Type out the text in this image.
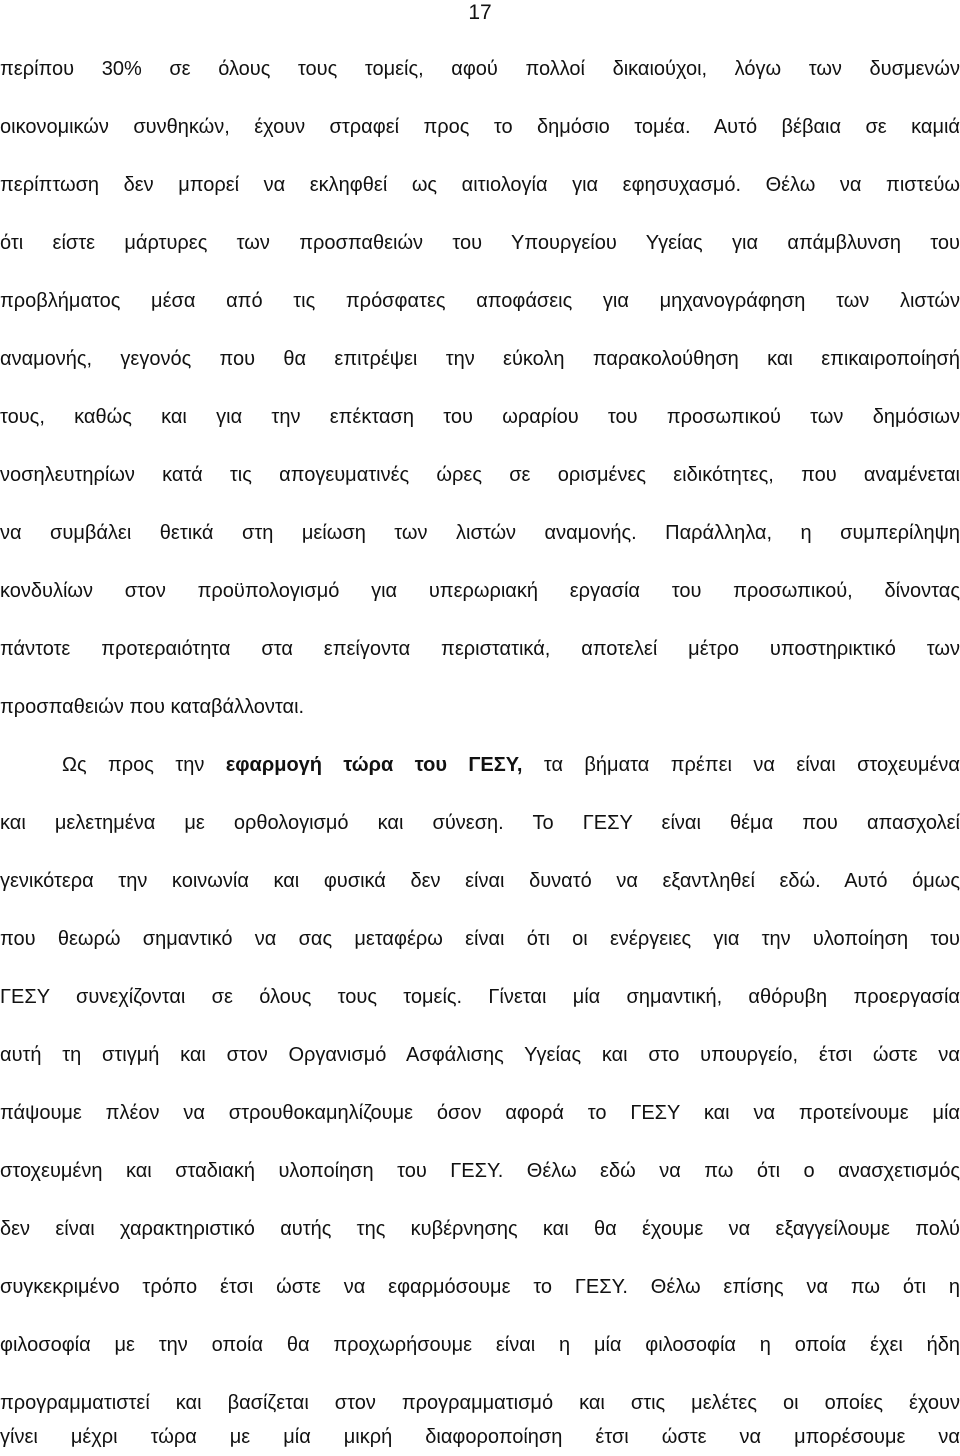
17
περίπου 30% σε όλους τους τομείς, αφού πολλοί δικαιούχοι, λόγω των δυσμενών
οικονομικών συνθηκών, έχουν στραφεί προς το δημόσιο τομέα. Αυτό βέβαια σε καμιά
περίπτωση δεν μπορεί να εκληφθεί ως αιτιολογία για εφησυχασμό. Θέλω να πιστεύω
ότι είστε μάρτυρες των προσπαθειών του Υπουργείου Υγείας για απάμβλυνση του
προβλήματος μέσα από τις πρόσφατες αποφάσεις για μηχανογράφηση των λιστών
αναμονής, γεγονός που θα επιτρέψει την εύκολη παρακολούθηση και επικαιροποίησή
τους, καθώς και για την επέκταση του ωραρίου του προσωπικού των δημόσιων
νοσηλευτηρίων κατά τις απογευματινές ώρες σε ορισμένες ειδικότητες, που αναμένεται
να συμβάλει θετικά στη μείωση των λιστών αναμονής. Παράλληλα, η συμπερίληψη
κονδυλίων στον προϋπολογισμό για υπερωριακή εργασία του προσωπικού, δίνοντας
πάντοτε προτεραιότητα στα επείγοντα περιστατικά, αποτελεί μέτρο υποστηρικτικό των
προσπαθειών που καταβάλλονται.
Ως προς την εφαρμογή τώρα του ΓΕΣΥ, τα βήματα πρέπει να είναι στοχευμένα
και μελετημένα με ορθολογισμό και σύνεση. Το ΓΕΣΥ είναι θέμα που απασχολεί
γενικότερα την κοινωνία και φυσικά δεν είναι δυνατό να εξαντληθεί εδώ. Αυτό όμως
που θεωρώ σημαντικό να σας μεταφέρω είναι ότι οι ενέργειες για την υλοποίηση του
ΓΕΣΥ συνεχίζονται σε όλους τους τομείς. Γίνεται μία σημαντική, αθόρυβη προεργασία
αυτή τη στιγμή και στον Οργανισμό Ασφάλισης Υγείας και στο υπουργείο, έτσι ώστε να
πάψουμε πλέον να στρουθοκαμηλίζουμε όσον αφορά το ΓΕΣΥ και να προτείνουμε μία
στοχευμένη και σταδιακή υλοποίηση του ΓΕΣΥ. Θέλω εδώ να πω ότι ο ανασχετισμός
δεν είναι χαρακτηριστικό αυτής της κυβέρνησης και θα έχουμε να εξαγγείλουμε πολύ
συγκεκριμένο τρόπο έτσι ώστε να εφαρμόσουμε το ΓΕΣΥ. Θέλω επίσης να πω ότι η
φιλοσοφία με την οποία θα προχωρήσουμε είναι η μία φιλοσοφία η οποία έχει ήδη
προγραμματιστεί και βασίζεται στον προγραμματισμό και στις μελέτες οι οποίες έχουν
γίνει μέχρι τώρα με μία μικρή διαφοροποίηση έτσι ώστε να μπορέσουμε να
